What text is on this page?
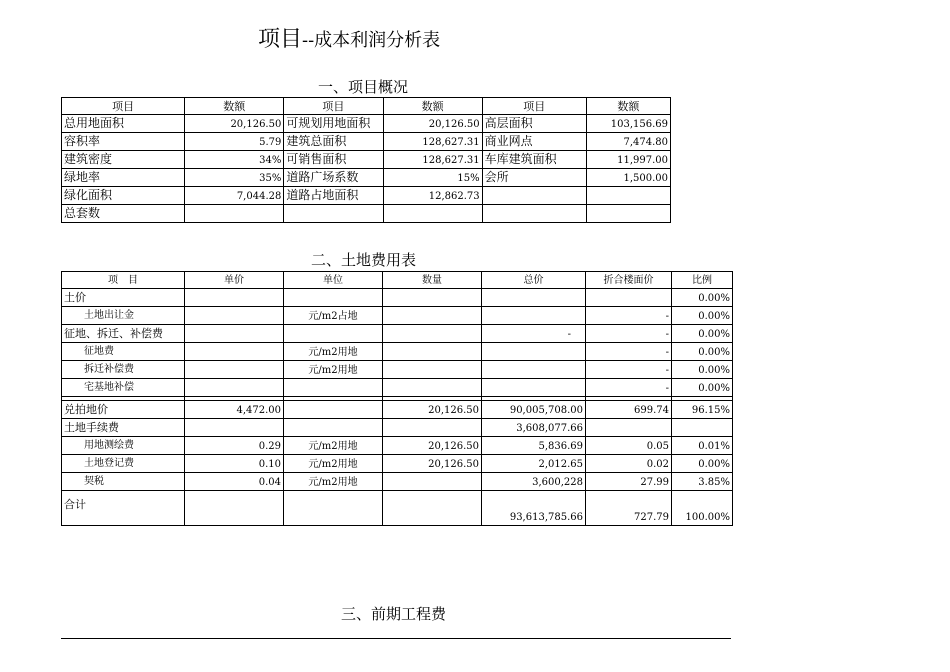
项目--成本利润分析表
一、项目概况
项目	数额	项目	数额	项目	数额
总用地面积	20,126.50	可规划用地面积	20,126.50	高层面积	103,156.69
容积率	5.79	建筑总面积	128,627.31	商业网点	7,474.80
建筑密度	34%	可销售面积	128,627.31	车库建筑面积	11,997.00
绿地率	35%	道路广场系数	15%	会所	1,500.00
绿化面积	7,044.28	道路占地面积	12,862.73		
总套数					
二、土地费用表
项　目	单价	单位	数量	总价	折合楼面价	比例
土价						0.00%
土地出让金		元/m2占地			-	0.00%
征地、拆迁、补偿费				-	-	0.00%
征地费		元/m2用地			-	0.00%
拆迁补偿费		元/m2用地			-	0.00%
宅基地补偿					-	0.00%

兑拍地价	4,472.00		20,126.50	90,005,708.00	699.74	96.15%
土地手续费				3,608,077.66		
用地测绘费	0.29	元/m2用地	20,126.50	5,836.69	0.05	0.01%
土地登记费	0.10	元/m2用地	20,126.50	2,012.65	0.02	0.00%
契税	0.04	元/m2用地		3,600,228	27.99	3.85%
合计				93,613,785.66	727.79	100.00%
三、前期工程费
